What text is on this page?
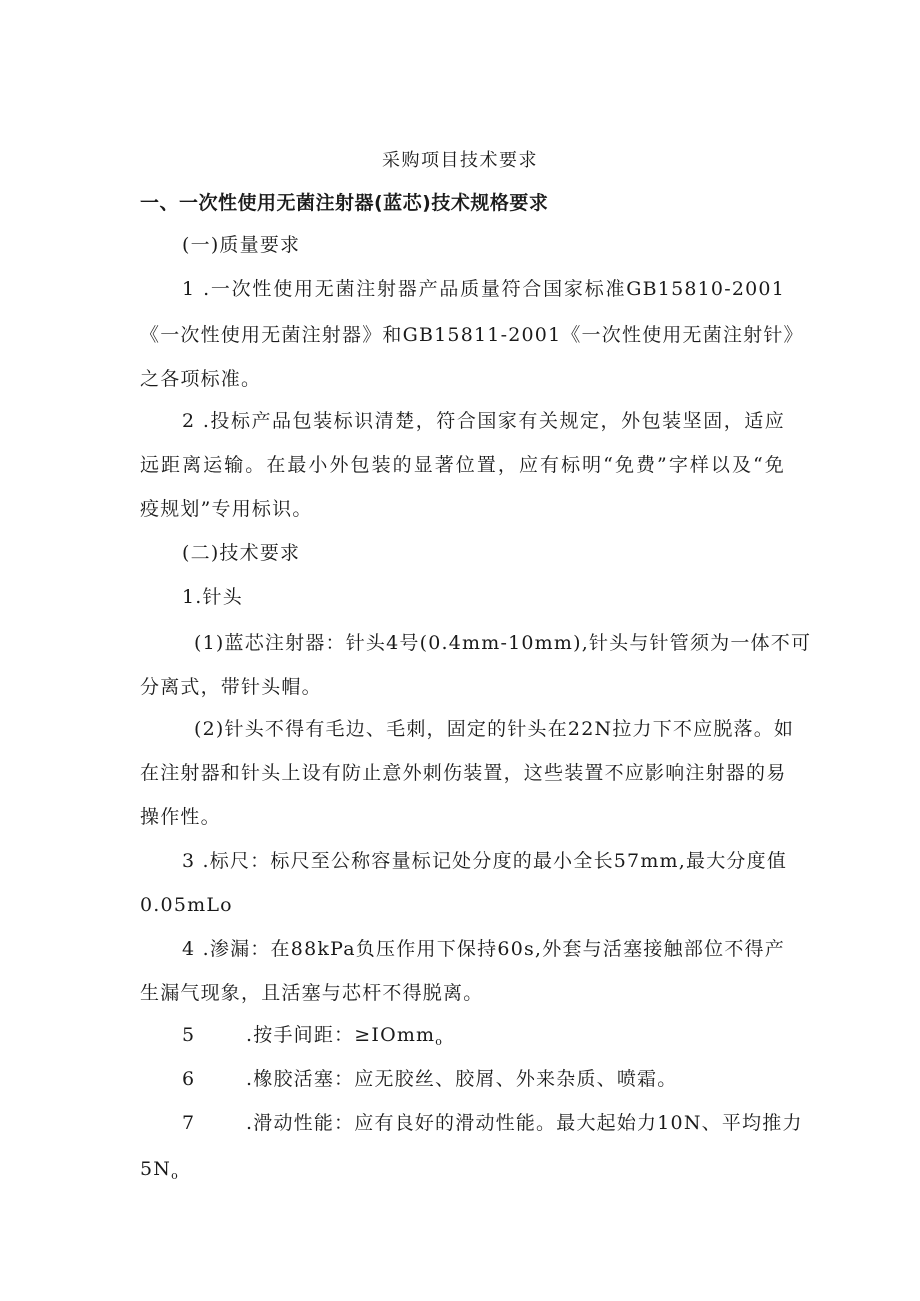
采购项目技术要求
一、一次性使用无菌注射器(蓝芯)技术规格要求
(一)质量要求
1 .一次性使用无菌注射器产品质量符合国家标准GB15810-2001
《一次性使用无菌注射器》和GB15811-2001《一次性使用无菌注射针》
之各项标准。
2 .投标产品包装标识清楚，符合国家有关规定，外包装坚固，适应
远距离运输。在最小外包装的显著位置，应有标明“免费”字样以及“免
疫规划”专用标识。
(二)技术要求
1.针头
(1)蓝芯注射器：针头4号(0.4mm-10mm),针头与针管须为一体不可
分离式，带针头帽。
(2)针头不得有毛边、毛刺，固定的针头在22N拉力下不应脱落。如
在注射器和针头上设有防止意外刺伤装置，这些装置不应影响注射器的易
操作性。
3 .标尺：标尺至公称容量标记处分度的最小全长57mm,最大分度值
0.05mLo
4 .渗漏：在88kPa负压作用下保持60s,外套与活塞接触部位不得产
生漏气现象，且活塞与芯杆不得脱离。
5	.按手间距：≥IOmm$_o$
6	.橡胶活塞：应无胶丝、胶屑、外来杂质、喷霜。
7	.滑动性能：应有良好的滑动性能。最大起始力10N、平均推力
$5N_o$
